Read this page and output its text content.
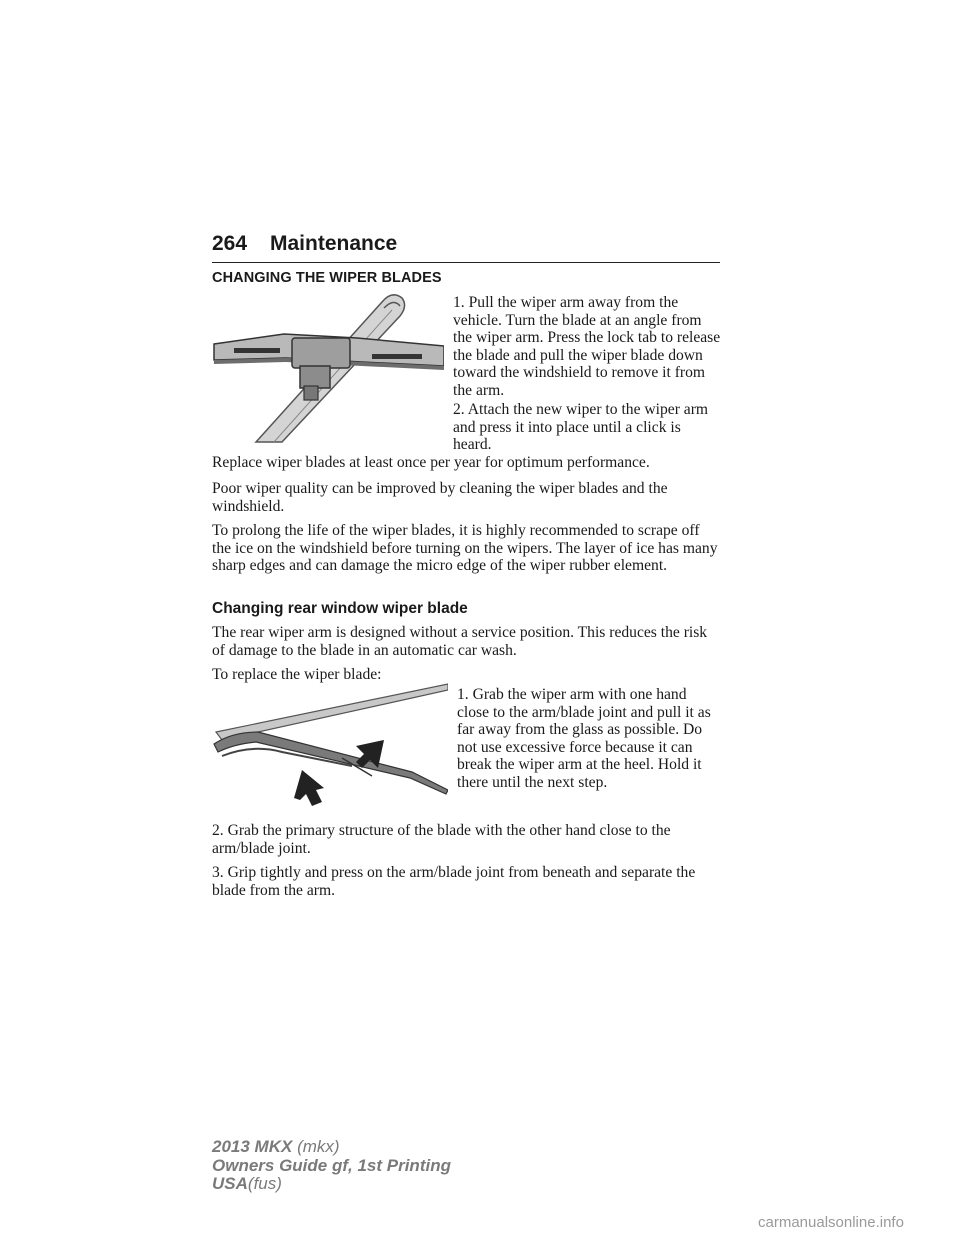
264 Maintenance
CHANGING THE WIPER BLADES

1. Pull the wiper arm away from the vehicle. Turn the blade at an angle from the wiper arm. Press the lock tab to release the blade and pull the wiper blade down toward the windshield to remove it from the arm.

2. Attach the new wiper to the wiper arm and press it into place until a click is heard.

Replace wiper blades at least once per year for optimum performance.

Poor wiper quality can be improved by cleaning the wiper blades and the windshield.

To prolong the life of the wiper blades, it is highly recommended to scrape off the ice on the windshield before turning on the wipers. The layer of ice has many sharp edges and can damage the micro edge of the wiper rubber element.

Changing rear window wiper blade

The rear wiper arm is designed without a service position. This reduces the risk of damage to the blade in an automatic car wash.

To replace the wiper blade:

1. Grab the wiper arm with one hand close to the arm/blade joint and pull it as far away from the glass as possible. Do not use excessive force because it can break the wiper arm at the heel. Hold it there until the next step.

2. Grab the primary structure of the blade with the other hand close to the arm/blade joint.

3. Grip tightly and press on the arm/blade joint from beneath and separate the blade from the arm.

2013 MKX (mkx)
Owners Guide gf, 1st Printing
USA(fus)
carmanualsonline.info
